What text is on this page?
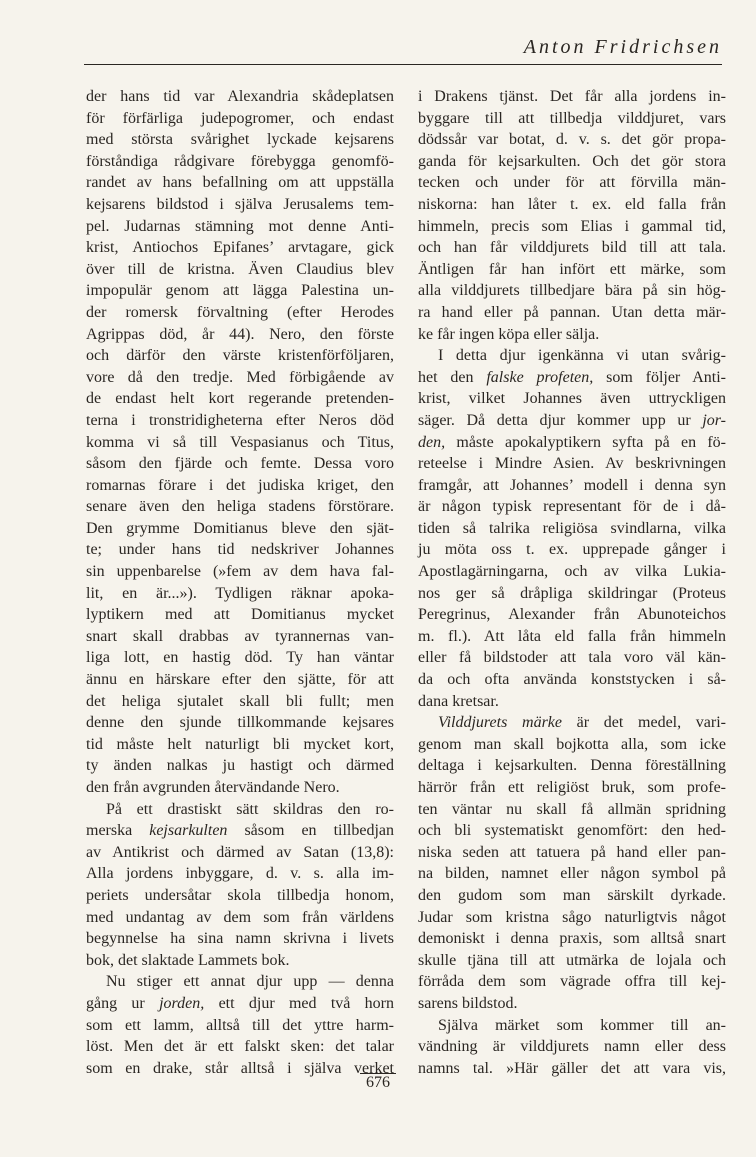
Anton Fridrichsen
der hans tid var Alexandria skådeplatsen
för förfärliga judepogromer, och endast
med största svårighet lyckade kejsarens
förståndiga rådgivare förebygga genomfö-
randet av hans befallning om att uppställa
kejsarens bildstod i själva Jerusalems tem-
pel. Judarnas stämning mot denne Anti-
krist, Antiochos Epifanes’ arvtagare, gick
över till de kristna. Även Claudius blev
impopulär genom att lägga Palestina un-
der romersk förvaltning (efter Herodes
Agrippas död, år 44). Nero, den förste
och därför den värste kristenförföljaren,
vore då den tredje. Med förbigående av
de endast helt kort regerande pretenden-
terna i tronstridigheterna efter Neros död
komma vi så till Vespasianus och Titus,
såsom den fjärde och femte. Dessa voro
romarnas förare i det judiska kriget, den
senare även den heliga stadens förstörare.
Den grymme Domitianus bleve den sjät-
te; under hans tid nedskriver Johannes
sin uppenbarelse (»fem av dem hava fal-
lit, en är...»). Tydligen räknar apoka-
lyptikern med att Domitianus mycket
snart skall drabbas av tyrannernas van-
liga lott, en hastig död. Ty han väntar
ännu en härskare efter den sjätte, för att
det heliga sjutalet skall bli fullt; men
denne den sjunde tillkommande kejsares
tid måste helt naturligt bli mycket kort,
ty änden nalkas ju hastigt och därmed
den från avgrunden återvändande Nero.
På ett drastiskt sätt skildras den ro-
merska kejsarkulten såsom en tillbedjan
av Antikrist och därmed av Satan (13,8):
Alla jordens inbyggare, d. v. s. alla im-
periets undersåtar skola tillbedja honom,
med undantag av dem som från världens
begynnelse ha sina namn skrivna i livets
bok, det slaktade Lammets bok.
Nu stiger ett annat djur upp — denna
gång ur jorden, ett djur med två horn
som ett lamm, alltså till det yttre harm-
löst. Men det är ett falskt sken: det talar
som en drake, står alltså i själva verket
i Drakens tjänst. Det får alla jordens in-
byggare till att tillbedja vilddjuret, vars
dödssår var botat, d. v. s. det gör propa-
ganda för kejsarkulten. Och det gör stora
tecken och under för att förvilla män-
niskorna: han låter t. ex. eld falla från
himmeln, precis som Elias i gammal tid,
och han får vilddjurets bild till att tala.
Äntligen får han infört ett märke, som
alla vilddjurets tillbedjare bära på sin hög-
ra hand eller på pannan. Utan detta mär-
ke får ingen köpa eller sälja.
I detta djur igenkänna vi utan svårig-
het den falske profeten, som följer Anti-
krist, vilket Johannes även uttryckligen
säger. Då detta djur kommer upp ur jor-
den, måste apokalyptikern syfta på en fö-
reteelse i Mindre Asien. Av beskrivningen
framgår, att Johannes’ modell i denna syn
är någon typisk representant för de i då-
tiden så talrika religiösa svindlarna, vilka
ju möta oss t. ex. upprepade gånger i
Apostlagärningarna, och av vilka Lukia-
nos ger så dråpliga skildringar (Proteus
Peregrinus, Alexander från Abunoteichos
m. fl.). Att låta eld falla från himmeln
eller få bildstoder att tala voro väl kän-
da och ofta använda konststycken i så-
dana kretsar.
Vilddjurets märke är det medel, vari-
genom man skall bojkotta alla, som icke
deltaga i kejsarkulten. Denna föreställning
härrör från ett religiöst bruk, som profe-
ten väntar nu skall få allmän spridning
och bli systematiskt genomfört: den hed-
niska seden att tatuera på hand eller pan-
na bilden, namnet eller någon symbol på
den gudom som man särskilt dyrkade.
Judar som kristna sågo naturligtvis något
demoniskt i denna praxis, som alltså snart
skulle tjäna till att utmärka de lojala och
förråda dem som vägrade offra till kej-
sarens bildstod.
Själva märket som kommer till an-
vändning är vilddjurets namn eller dess
namns tal. »Här gäller det att vara vis,
676
